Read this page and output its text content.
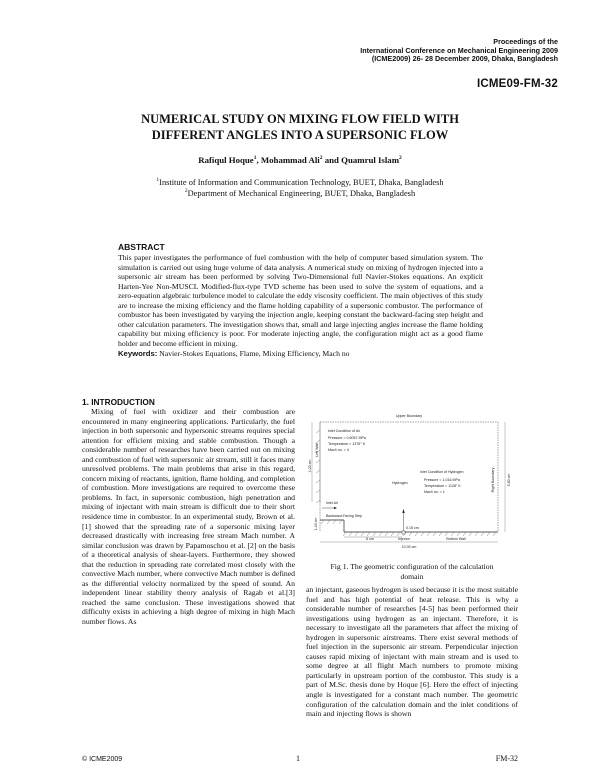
Proceedings of the
International Conference on Mechanical Engineering 2009
(ICME2009) 26- 28 December 2009, Dhaka, Bangladesh
ICME09-FM-32
NUMERICAL STUDY ON MIXING FLOW FIELD WITH
DIFFERENT ANGLES INTO A SUPERSONIC FLOW
Rafiqul Hoque$^1$, Mohammad Ali$^2$ and Quamrul Islam$^2$
$^1$Institute of Information and Communication Technology, BUET, Dhaka, Bangladesh
$^2$Department of Mechanical Engineering, BUET, Dhaka, Bangladesh
ABSTRACT
This paper investigates the performance of fuel combustion with the help of computer based simulation system. The simulation is carried out using huge volume of data analysis. A numerical study on mixing of hydrogen injected into a supersonic air stream has been performed by solving Two-Dimensional full Navier-Stokes equations. An explicit Harten-Yee Non-MUSCL Modified-flux-type TVD scheme has been used to solve the system of equations, and a zero-equation algebraic turbulence model to calculate the eddy viscosity coefficient. The main objectives of this study are to increase the mixing efficiency and the flame holding capability of a supersonic combustor. The performance of combustor has been investigated by varying the injection angle, keeping constant the backward-facing step height and other calculation parameters. The investigation shows that, small and large injecting angles increase the flame holding capability but mixing efficiency is poor. For moderate injecting angle, the configuration might act as a good flame holder and become efficient in mixing.
Keywords: Navier-Stokes Equations, Flame, Mixing Efficiency, Mach no
1. INTRODUCTION
Mixing of fuel with oxidizer and their combustion are encountered in many engineering applications. Particularly, the fuel injection in both supersonic and hypersonic streams requires special attention for efficient mixing and stable combustion. Though a considerable number of researches have been carried out on mixing and combustion of fuel with supersonic air stream, still it faces many unresolved problems. The main problems that arise in this regard, concern mixing of reactants, ignition, flame holding, and completion of combustion. More investigations are required to overcome these problems. In fact, in supersonic combustion, high penetration and mixing of injectant with main stream is difficult due to their short residence time in combustor. In an experimental study, Brown et al. [1] showed that the spreading rate of a supersonic mixing layer decreased drastically with increasing free stream Mach number. A similar conclusion was drawn by Papamoschou et al. [2] on the basis of a theoretical analysis of shear-layers. Furthermore, they showed that the reduction in spreading rate correlated most closely with the convective Mach number, where convective Mach number is defined as the differential velocity normalized by the speed of sound. An independent linear stability theory analysis of Ragab et al.[3] reached the same conclusion. These investigations showed that difficulty exists in achieving a high degree of mixing in high Mach number flows. As
Upper Boundary
Inlet Condition of Air
Pressure = 0.6057 MPa
Temperature = 1376° K
Mach no. = 4
Hydrogen
Inlet Condition of Hydrogen
Pressure = 1.016 MPa
Temperature = 1128° K
Mach no. = 1
Inlet Air
Backward-Facing Step
Right Boundary
Left Wall
5.80 cm
4.20 cm
1.40 cm	0.15 cm
6 cm	Injector	Bottom Wall
10.00 cm
Fig 1. The geometric configuration of the calculation
domain
an injectant, gaseous hydrogen is used because it is the most suitable fuel and has high potential of heat release. This is why a considerable number of researches [4-5] has been performed their investigations using hydrogen as an injectant. Therefore, it is necessary to investigate all the parameters that affect the mixing of hydrogen in supersonic airstreams. There exist several methods of fuel injection in the supersonic air stream. Perpendicular injection causes rapid mixing of injectant with main stream and is used to some degree at all flight Mach numbers to promote mixing particularly in upstream portion of the combustor. This study is a part of M.Sc. thesis done by Hoque [6]. Here the effect of injecting angle is investigated for a constant mach number. The geometric configuration of the calculation domain and the inlet conditions of main and injecting flows is shown
© ICME2009	1	FM-32
